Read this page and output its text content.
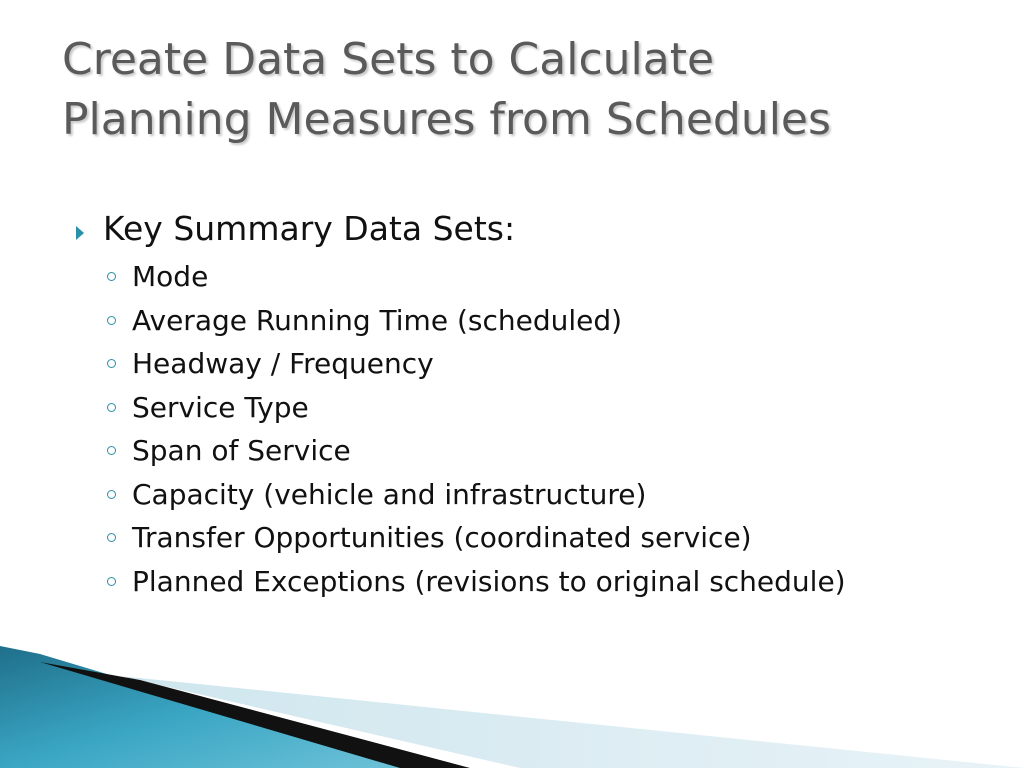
Create Data Sets to Calculate
Planning Measures from Schedules
Key Summary Data Sets:
Mode
Average Running Time (scheduled)
Headway / Frequency
Service Type
Span of Service
Capacity (vehicle and infrastructure)
Transfer Opportunities (coordinated service)
Planned Exceptions (revisions to original schedule)
